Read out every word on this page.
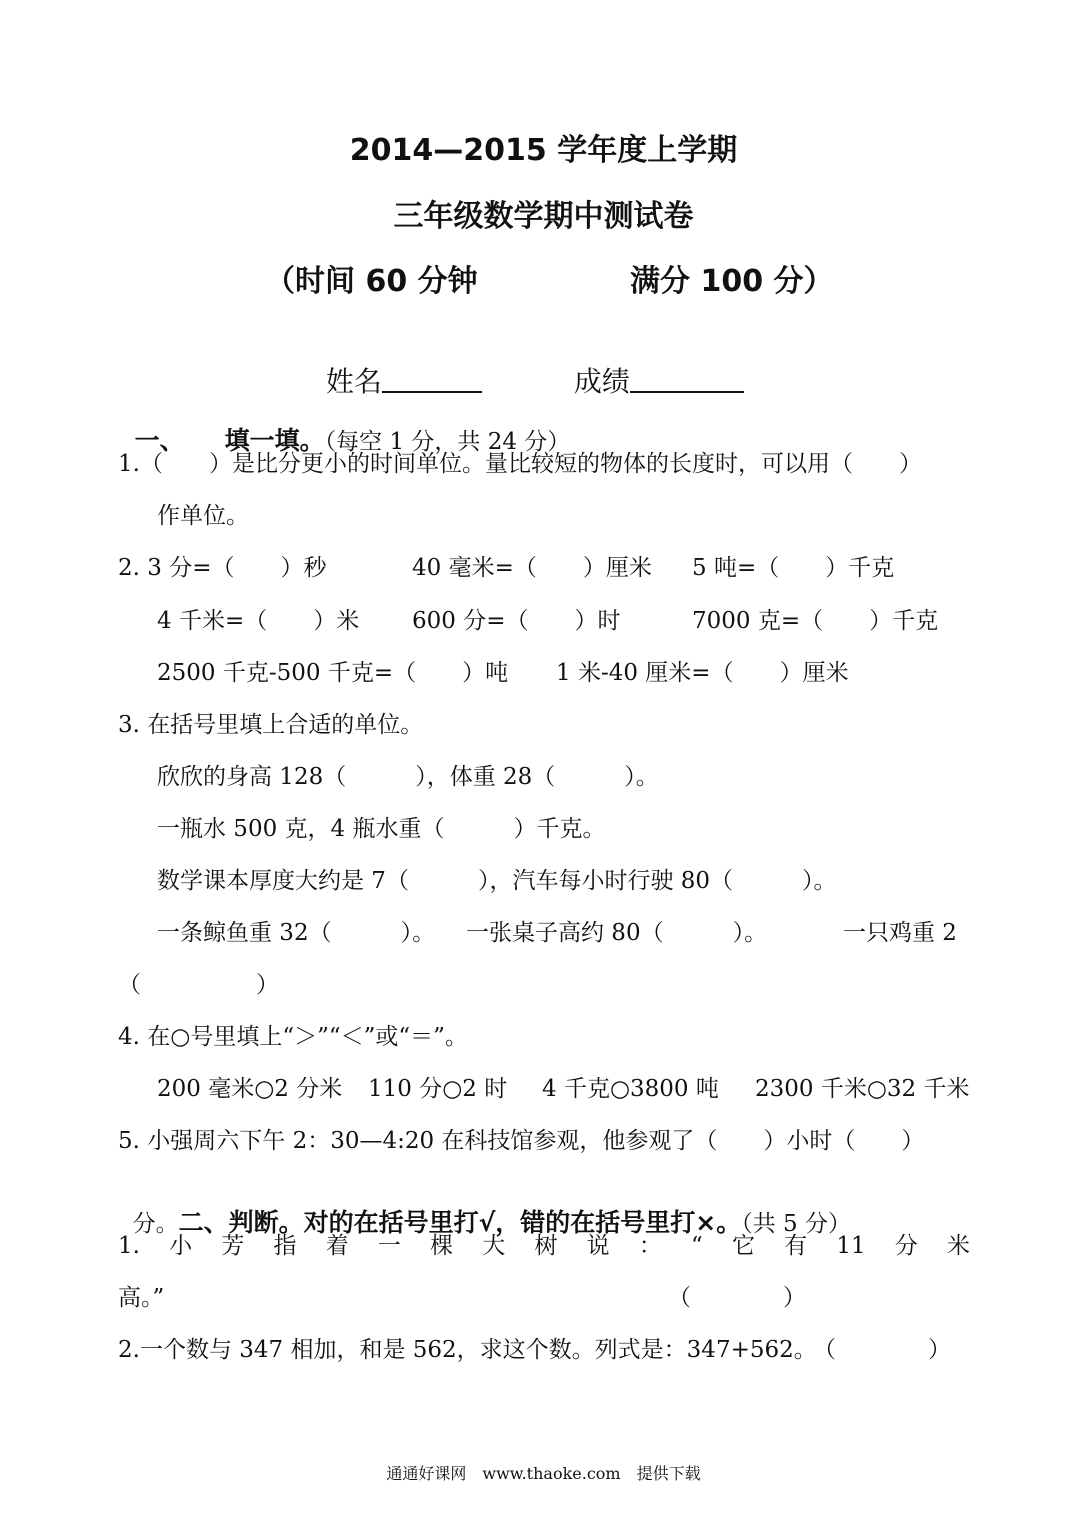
2014—2015 学年度上学期
三年级数学期中测试卷
（时间 60 分钟	满分 100 分）

姓名	成绩

一、 填一填。（每空 1 分，共 24 分）

1.（　　）是比分更小的时间单位。量比较短的物体的长度时，可以用（　　）
作单位。
2. 3 分=（　　）秒	40 毫米=（　　）厘米 5 吨=（　　）千克
4 千米=（　　）米 600 分=（　　）时	7000 克=（　　）千克
2500 千克-500 千克=（　　）吨 1 米-40 厘米=（　　）厘米
3. 在括号里填上合适的单位。
欣欣的身高 128（　　　），体重 28（　　　）。
一瓶水 500 克，4 瓶水重（　　　）千克。
数学课本厚度大约是 7（　　　），汽车每小时行驶 80（　　　）。
一条鲸鱼重 32（　　　）。 一张桌子高约 80（　　　）。	一只鸡重 2
（　　　　　）
4. 在○号里填上“＞”“＜”或“＝”。
200 毫米○2 分米 110 分○2 时 4 千克○3800 吨 2300 千米○32 千米
5. 小强周六下午 2：30—4:20 在科技馆参观，他参观了（　　）小时（　　）

分。二、判断。对的在括号里打√，错的在括号里打×。（共 5 分）

1. 小 芳 指 着 一 棵 大 树 说 ： “ 它 有 11 分 米
高。”	（　　　　）
2.一个数与 347 相加，和是 562，求这个数。列式是：347+562。
（　　　　）
通通好课网　www.thaoke.com　提供下载
